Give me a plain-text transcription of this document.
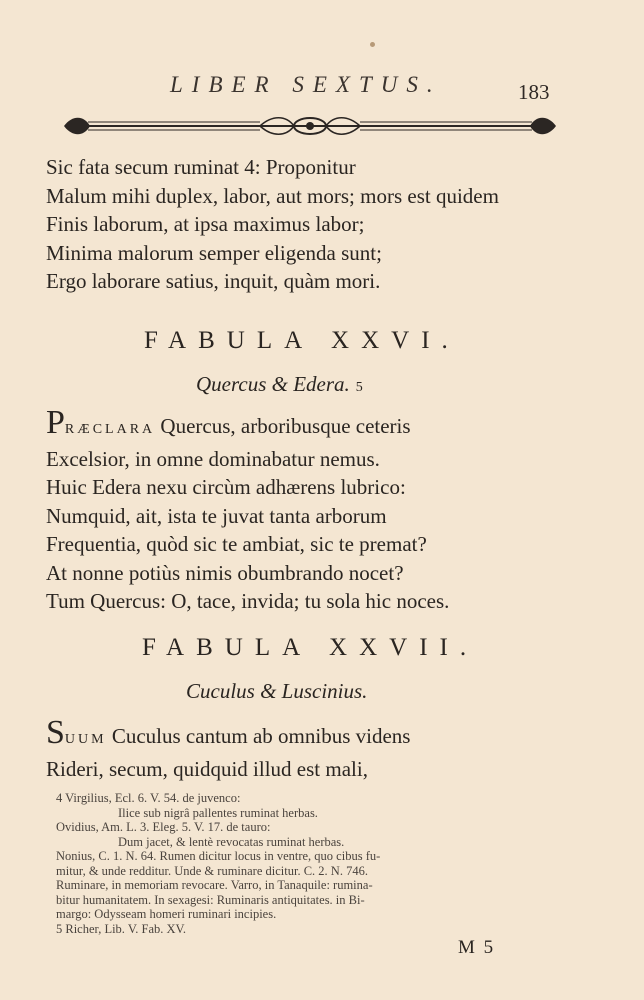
LIBER SEXTUS.	183
Sic fata secum ruminat 4: Proponitur
Malum mihi duplex, labor, aut mors; mors est quidem
Finis laborum, at ipsa maximus labor;
Minima malorum semper eligenda sunt;
Ergo laborare satius, inquit, quàm mori.
FABULA XXVI.
Quercus & Edera. 5
PRÆCLARA Quercus, arboribusque ceteris
Excelsior, in omne dominabatur nemus.
Huic Edera nexu circùm adhærens lubrico:
Numquid, ait, ista te juvat tanta arborum
Frequentia, quòd sic te ambiat, sic te premat?
At nonne potiùs nimis obumbrando nocet?
Tum Quercus: O, tace, invida; tu sola hic noces.
FABULA XXVII.
Cuculus & Luscinius.
SUUM Cuculus cantum ab omnibus videns
Rideri, secum, quidquid illud est mali,
4 Virgilius, Ecl. 6. V. 54. de juvenco:
Ilice sub nigrâ pallentes ruminat herbas.
Ovidius, Am. L. 3. Eleg. 5. V. 17. de tauro:
Dum jacet, & lentè revocatas ruminat herbas.
Nonius, C. 1. N. 64. Rumen dicitur locus in ventre, quo cibus fu-
mitur, & unde redditur. Unde & ruminare dicitur. C. 2. N. 746.
Ruminare, in memoriam revocare. Varro, in Tanaquile: rumina-
bitur humanitatem. In sexagesi: Ruminaris antiquitates. in Bi-
margo: Odysseam homeri ruminari incipies.
5 Richer, Lib. V. Fab. XV.
M 5
